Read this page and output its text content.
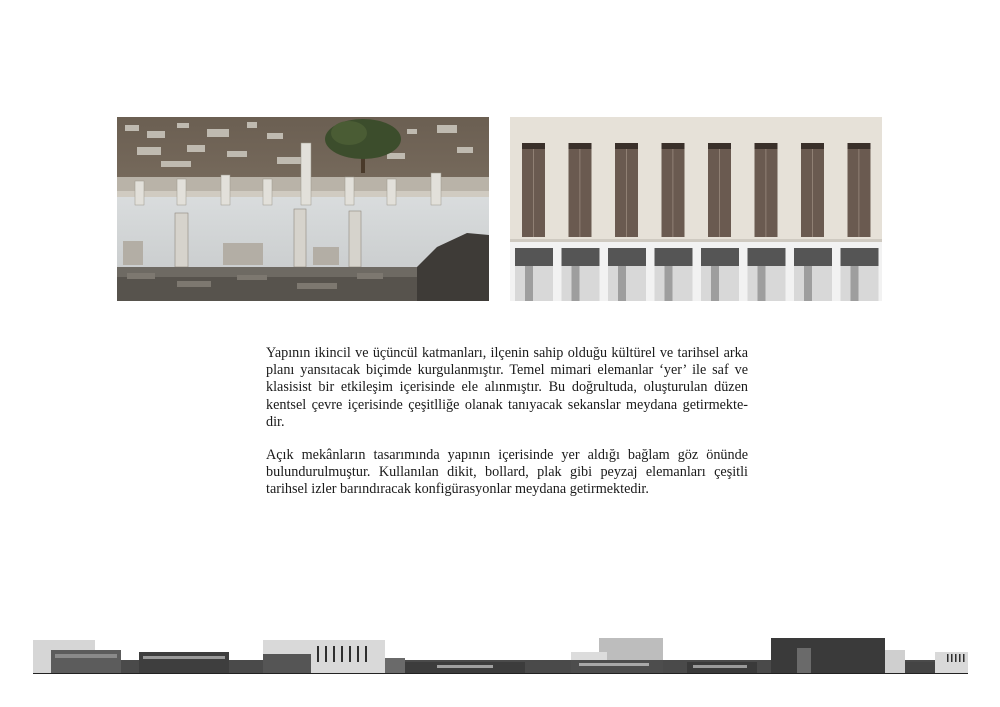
Yapının ikincil ve üçüncül katmanları, ilçenin sahip olduğu kültürel ve tarihsel arka planı yansıtacak biçimde kurgulanmıştır. Temel mimari elemanlar ‘yer’ ile saf ve klasisist bir etkileşim içerisinde ele alınmıştır. Bu doğrultuda, oluşturulan düzen kentsel çevre içerisinde çeşitlliğe olanak tanıyacak sekanslar meydana getirmekte-dir.

Açık mekânların tasarımında yapının içerisinde yer aldığı bağlam göz önünde bulundurulmuştur. Kullanılan dikit, bollard, plak gibi peyzaj elemanları çeşitli tarihsel izler barındıracak konfigürasyonlar meydana getirmektedir.
